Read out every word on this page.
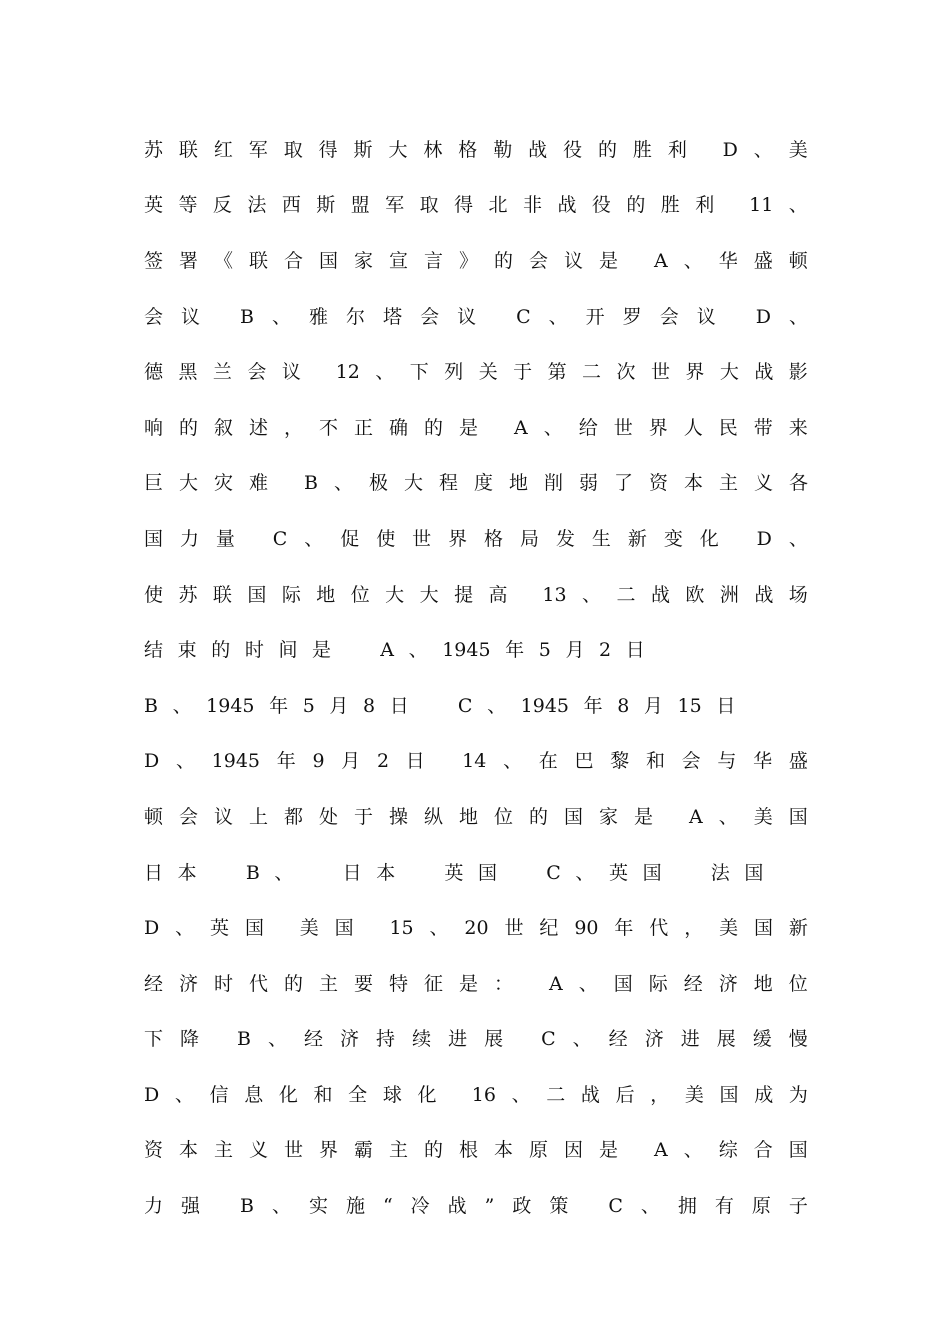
苏 联 红 军 取 得 斯 大 林 格 勒 战 役 的 胜 利 D 、 美
英 等 反 法 西 斯 盟 军 取 得 北 非 战 役 的 胜 利 11 、
签 署 《 联 合 国 家 宣 言 》 的 会 议 是 A 、 华 盛 顿
会 议 B 、 雅 尔 塔 会 议 C 、 开 罗 会 议 D 、
德 黑 兰 会 议 12 、 下 列 关 于 第 二 次 世 界 大 战 影
响 的 叙 述 ， 不 正 确 的 是 A 、 给 世 界 人 民 带 来
巨 大 灾 难 B 、 极 大 程 度 地 削 弱 了 资 本 主 义 各
国 力 量 C 、 促 使 世 界 格 局 发 生 新 变 化 D 、
使 苏 联 国 际 地 位 大 大 提 高 13 、 二 战 欧 洲 战 场
结 束 的 时 间 是	A 、 1945 年 5 月 2 日
B 、 1945 年 5 月 8 日	C 、 1945 年 8 月 15 日
D 、 1945 年 9 月 2 日 14 、 在 巴 黎 和 会 与 华 盛
顿 会 议 上 都 处 于 操 纵 地 位 的 国 家 是 A 、 美 国
日 本	B 、	日 本	英 国	C 、 英 国	法 国
D 、 英 国 美 国 15 、 20 世 纪 90 年 代 ， 美 国 新
经 济 时 代 的 主 要 特 征 是 ： A 、 国 际 经 济 地 位
下 降 B 、 经 济 持 续 进 展 C 、 经 济 进 展 缓 慢
D 、 信 息 化 和 全 球 化 16 、 二 战 后 ， 美 国 成 为
资 本 主 义 世 界 霸 主 的 根 本 原 因 是 A 、 综 合 国
力 强 B 、 实 施 “ 冷 战 ” 政 策 C 、 拥 有 原 子
